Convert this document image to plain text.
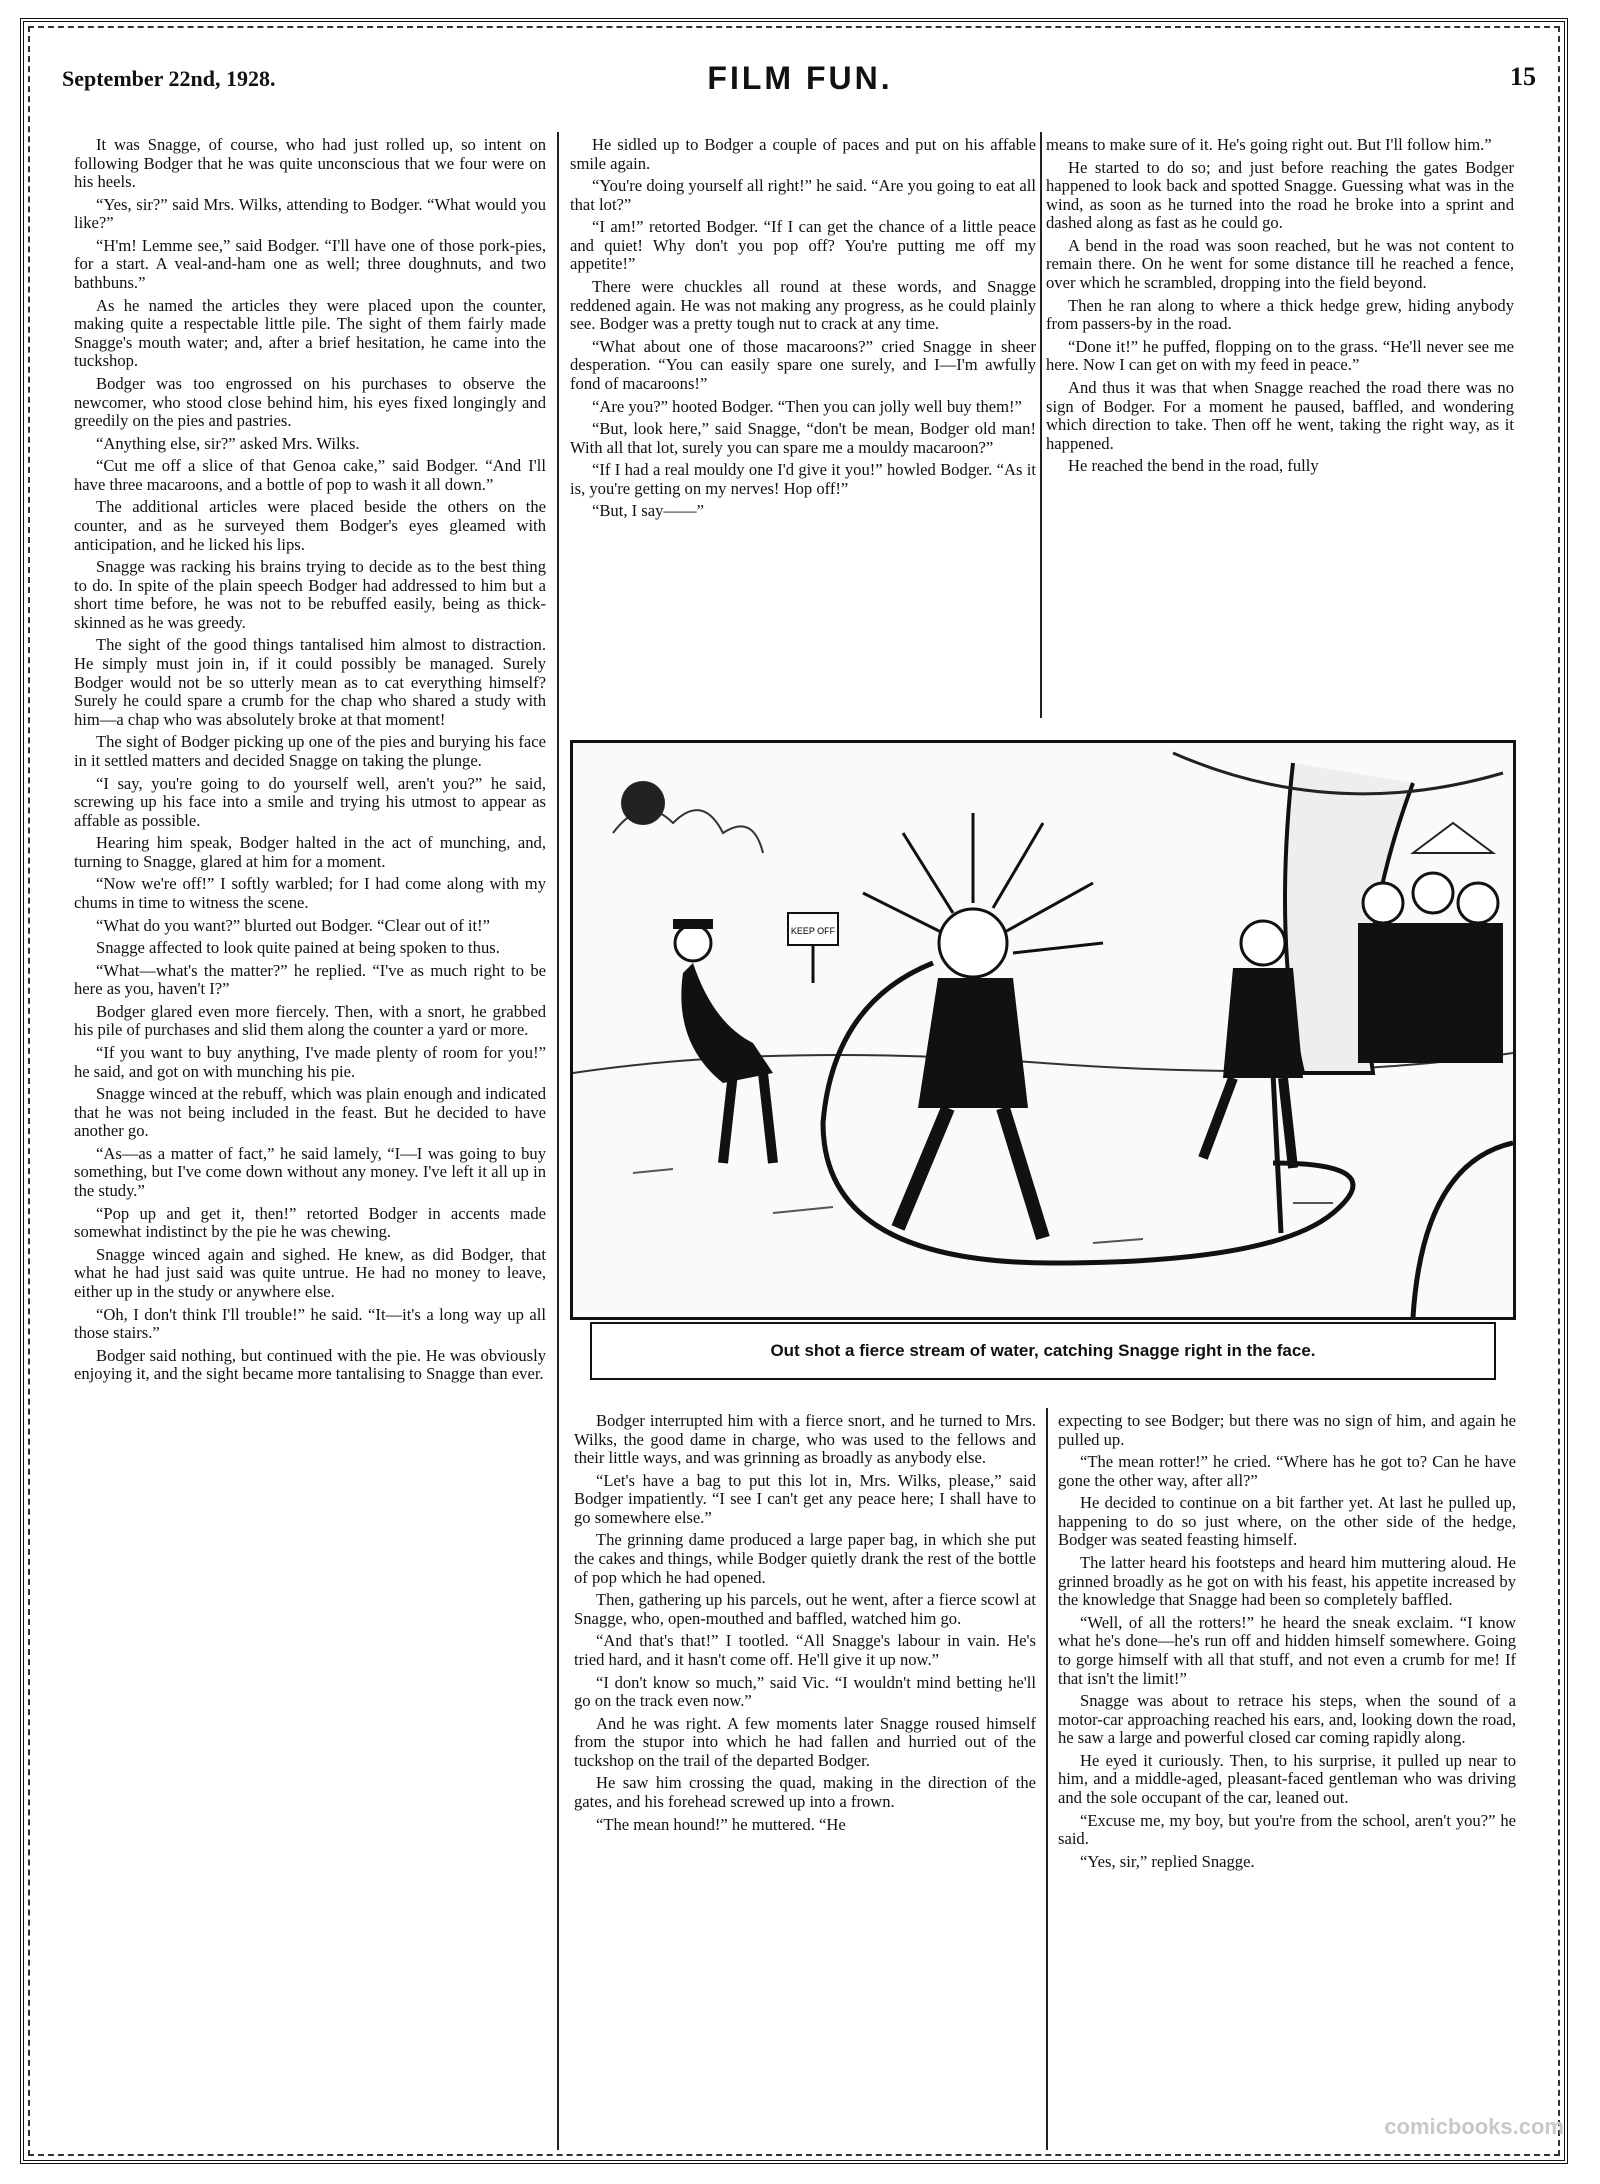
September 22nd, 1928.	FILM FUN.	15

It was Snagge, of course, who had just rolled up, so intent on following Bodger that he was quite unconscious that we four were on his heels.

“Yes, sir?” said Mrs. Wilks, attending to Bodger. “What would you like?”

“H'm! Lemme see,” said Bodger. “I'll have one of those pork-pies, for a start. A veal-and-ham one as well; three doughnuts, and two bathbuns.”

As he named the articles they were placed upon the counter, making quite a respectable little pile. The sight of them fairly made Snagge's mouth water; and, after a brief hesitation, he came into the tuckshop.

Bodger was too engrossed on his purchases to observe the newcomer, who stood close behind him, his eyes fixed longingly and greedily on the pies and pastries.

“Anything else, sir?” asked Mrs. Wilks.

“Cut me off a slice of that Genoa cake,” said Bodger. “And I'll have three macaroons, and a bottle of pop to wash it all down.”

The additional articles were placed beside the others on the counter, and as he surveyed them Bodger's eyes gleamed with anticipation, and he licked his lips.

Snagge was racking his brains trying to decide as to the best thing to do. In spite of the plain speech Bodger had addressed to him but a short time before, he was not to be rebuffed easily, being as thick-skinned as he was greedy.

The sight of the good things tantalised him almost to distraction. He simply must join in, if it could possibly be managed. Surely Bodger would not be so utterly mean as to cat everything himself? Surely he could spare a crumb for the chap who shared a study with him—a chap who was absolutely broke at that moment!

The sight of Bodger picking up one of the pies and burying his face in it settled matters and decided Snagge on taking the plunge.

“I say, you're going to do yourself well, aren't you?” he said, screwing up his face into a smile and trying his utmost to appear as affable as possible.

Hearing him speak, Bodger halted in the act of munching, and, turning to Snagge, glared at him for a moment.

“Now we're off!” I softly warbled; for I had come along with my chums in time to witness the scene.

“What do you want?” blurted out Bodger. “Clear out of it!”

Snagge affected to look quite pained at being spoken to thus.

“What—what's the matter?” he replied. “I've as much right to be here as you, haven't I?”

Bodger glared even more fiercely. Then, with a snort, he grabbed his pile of purchases and slid them along the counter a yard or more.

“If you want to buy anything, I've made plenty of room for you!” he said, and got on with munching his pie.

Snagge winced at the rebuff, which was plain enough and indicated that he was not being included in the feast. But he decided to have another go.

“As—as a matter of fact,” he said lamely, “I—I was going to buy something, but I've come down without any money. I've left it all up in the study.”

“Pop up and get it, then!” retorted Bodger in accents made somewhat indistinct by the pie he was chewing.

Snagge winced again and sighed. He knew, as did Bodger, that what he had just said was quite untrue. He had no money to leave, either up in the study or anywhere else.

“Oh, I don't think I'll trouble!” he said. “It—it's a long way up all those stairs.”

Bodger said nothing, but continued with the pie. He was obviously enjoying it, and the sight became more tantalising to Snagge than ever.

He sidled up to Bodger a couple of paces and put on his affable smile again.

“You're doing yourself all right!” he said. “Are you going to eat all that lot?”

“I am!” retorted Bodger. “If I can get the chance of a little peace and quiet! Why don't you pop off? You're putting me off my appetite!”

There were chuckles all round at these words, and Snagge reddened again. He was not making any progress, as he could plainly see. Bodger was a pretty tough nut to crack at any time.

“What about one of those macaroons?” cried Snagge in sheer desperation. “You can easily spare one surely, and I—I'm awfully fond of macaroons!”

“Are you?” hooted Bodger. “Then you can jolly well buy them!”

“But, look here,” said Snagge, “don't be mean, Bodger old man! With all that lot, surely you can spare me a mouldy macaroon?”

“If I had a real mouldy one I'd give it you!” howled Bodger. “As it is, you're getting on my nerves! Hop off!”

“But, I say——”

means to make sure of it. He's going right out. But I'll follow him.”

He started to do so; and just before reaching the gates Bodger happened to look back and spotted Snagge. Guessing what was in the wind, as soon as he turned into the road he broke into a sprint and dashed along as fast as he could go.

A bend in the road was soon reached, but he was not content to remain there. On he went for some distance till he reached a fence, over which he scrambled, dropping into the field beyond.

Then he ran along to where a thick hedge grew, hiding anybody from passers-by in the road.

“Done it!” he puffed, flopping on to the grass. “He'll never see me here. Now I can get on with my feed in peace.”

And thus it was that when Snagge reached the road there was no sign of Bodger. For a moment he paused, baffled, and wondering which direction to take. Then off he went, taking the right way, as it happened.

He reached the bend in the road, fully

Bodger interrupted him with a fierce snort, and he turned to Mrs. Wilks, the good dame in charge, who was used to the fellows and their little ways, and was grinning as broadly as anybody else.

“Let's have a bag to put this lot in, Mrs. Wilks, please,” said Bodger impatiently. “I see I can't get any peace here; I shall have to go somewhere else.”

The grinning dame produced a large paper bag, in which she put the cakes and things, while Bodger quietly drank the rest of the bottle of pop which he had opened.

Then, gathering up his parcels, out he went, after a fierce scowl at Snagge, who, open-mouthed and baffled, watched him go.

“And that's that!” I tootled. “All Snagge's labour in vain. He's tried hard, and it hasn't come off. He'll give it up now.”

“I don't know so much,” said Vic. “I wouldn't mind betting he'll go on the track even now.”

And he was right. A few moments later Snagge roused himself from the stupor into which he had fallen and hurried out of the tuckshop on the trail of the departed Bodger.

He saw him crossing the quad, making in the direction of the gates, and his forehead screwed up into a frown.

“The mean hound!” he muttered. “He

expecting to see Bodger; but there was no sign of him, and again he pulled up.

“The mean rotter!” he cried. “Where has he got to? Can he have gone the other way, after all?”

He decided to continue on a bit farther yet. At last he pulled up, happening to do so just where, on the other side of the hedge, Bodger was seated feasting himself.

The latter heard his footsteps and heard him muttering aloud. He grinned broadly as he got on with his feast, his appetite increased by the knowledge that Snagge had been so completely baffled.

“Well, of all the rotters!” he heard the sneak exclaim. “I know what he's done—he's run off and hidden himself somewhere. Going to gorge himself with all that stuff, and not even a crumb for me! If that isn't the limit!”

Snagge was about to retrace his steps, when the sound of a motor-car approaching reached his ears, and, looking down the road, he saw a large and powerful closed car coming rapidly along.

He eyed it curiously. Then, to his surprise, it pulled up near to him, and a middle-aged, pleasant-faced gentleman who was driving and the sole occupant of the car, leaned out.

“Excuse me, my boy, but you're from the school, aren't you?” he said.

“Yes, sir,” replied Snagge.

KEEP OFF
Out shot a fierce stream of water, catching Snagge right in the face.
comicbooks.com
